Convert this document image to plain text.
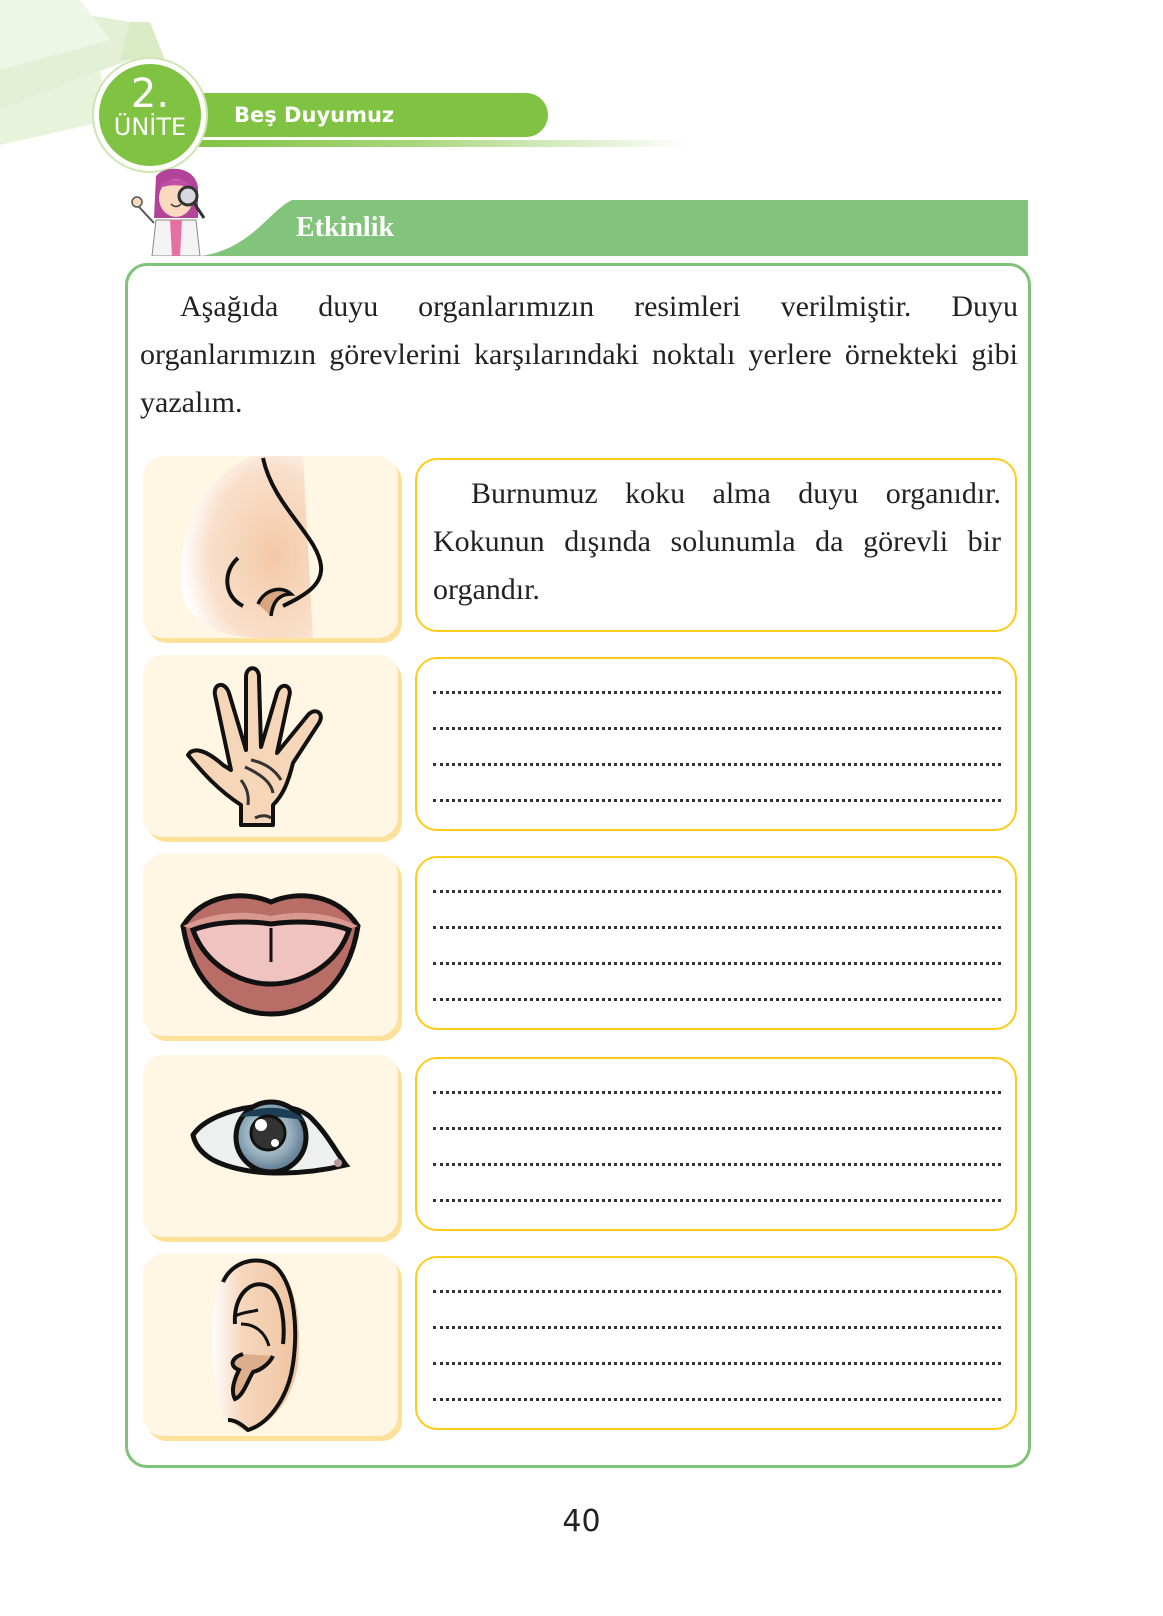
2.
ÜNİTE	Beş Duyumuz
Etkinlik

Aşağıda duyu organlarımızın resimleri verilmiştir. Duyu organlarımızın görevlerini karşılarındaki noktalı yerlere örnekteki gibi yazalım.

Burnumuz koku alma duyu organıdır. Kokunun dışında solunumla da görevli bir organdır.

40
